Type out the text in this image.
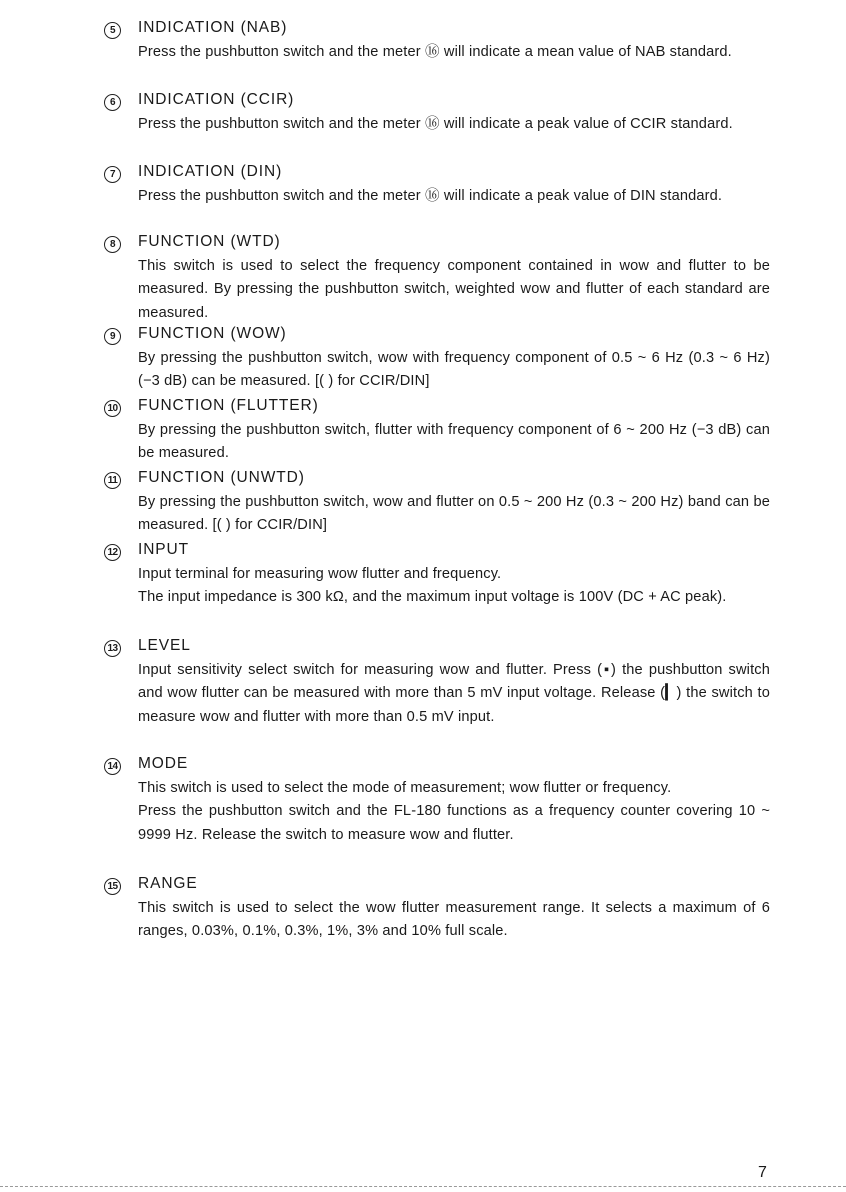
5	INDICATION (NAB)

Press the pushbutton switch and the meter ⑯ will indicate a mean value of NAB standard.

6	INDICATION (CCIR)

Press the pushbutton switch and the meter ⑯ will indicate a peak value of CCIR standard.

7	INDICATION (DIN)

Press the pushbutton switch and the meter ⑯ will indicate a peak value of DIN standard.

8	FUNCTION (WTD)

This switch is used to select the frequency component contained in wow and flutter to be measured. By pressing the pushbutton switch, weighted wow and flutter of each standard are measured.

9	FUNCTION (WOW)

By pressing the pushbutton switch, wow with frequency component of 0.5 ~ 6 Hz (0.3 ~ 6 Hz) (−3 dB) can be measured. [( ) for CCIR/DIN]

10 FUNCTION (FLUTTER)

By pressing the pushbutton switch, flutter with frequency component of 6 ~ 200 Hz (−3 dB) can be measured.

11 FUNCTION (UNWTD)

By pressing the pushbutton switch, wow and flutter on 0.5 ~ 200 Hz (0.3 ~ 200 Hz) band can be measured. [( ) for CCIR/DIN]

12 INPUT

Input terminal for measuring wow flutter and frequency.

The input impedance is 300 kΩ, and the maximum input voltage is 100V (DC + AC peak).

13 LEVEL

Input sensitivity select switch for measuring wow and flutter. Press (▪) the pushbutton switch and wow flutter can be measured with more than 5 mV input voltage. Release (▎) the switch to measure wow and flutter with more than 0.5 mV input.

14 MODE

This switch is used to select the mode of measurement; wow flutter or frequency.

Press the pushbutton switch and the FL-180 functions as a frequency counter covering 10 ~ 9999 Hz. Release the switch to measure wow and flutter.

15 RANGE

This switch is used to select the wow flutter measurement range. It selects a maximum of 6 ranges, 0.03%, 0.1%, 0.3%, 1%, 3% and 10% full scale.

7
